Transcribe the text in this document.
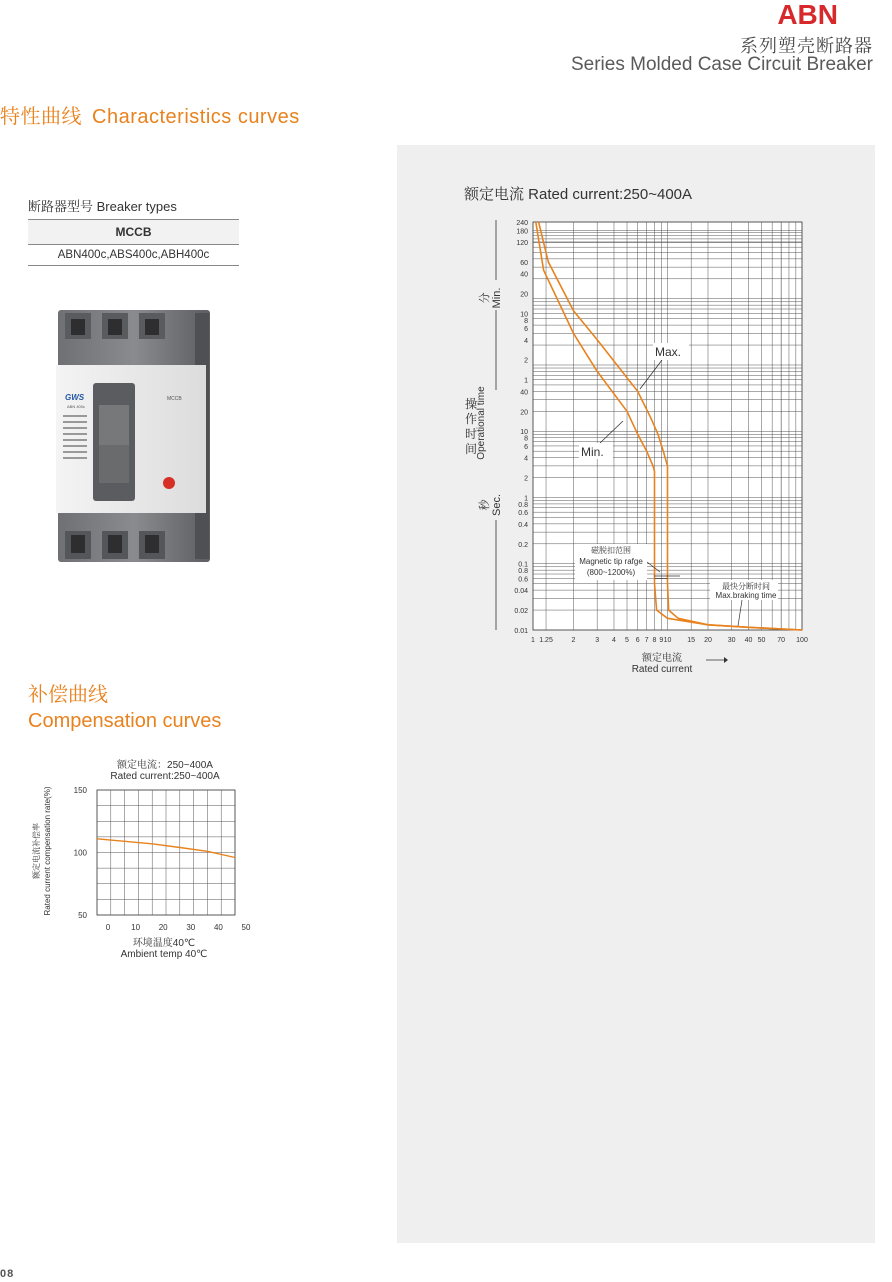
ABN
系列塑壳断路器
Series Molded Case Circuit Breaker
特性曲线 Characteristics curves
断路器型号 Breaker types
MCCB
ABN400c,ABS400c,ABH400c
GWS
ABN 400c
MCCB
补偿曲线
Compensation curves
额定电流 Rated current:250~400A
240
180
120
60
40
20
10
8
6
4
2
1
40
20
10
8
6
4
2
1
0.8
0.6
0.4
0.2
0.1
0.8
0.6
0.04
0.02
0.01
1 1.25	2	3 4 5 6 7 8 9 10 15 20 30 40 50 70 100
分 Min.
操
作
时
间
Operational time
秒 Sec.
Max.
Min.
磁脱扣范围
Magnetic tip rafge
(800~1200%)
最快分断时间
Max.braking time
额定电流
Rated current
额定电流：250~400A
Rated current:250~400A
150
100
50
0	10 20 30 40 50
额定电流补偿率 Rated current compensation rate(%)
环境温度40℃
Ambient temp 40℃
08
